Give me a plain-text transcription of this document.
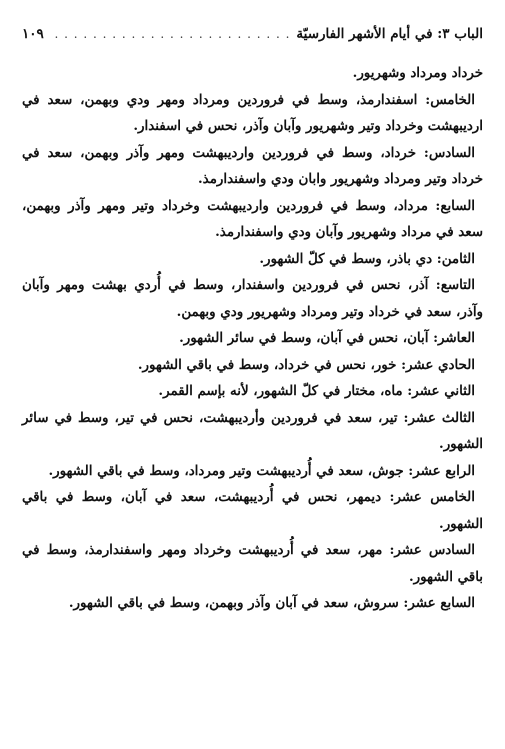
الباب ٣: في أيام الأشهر الفارسيّة
. . .
١٠٩

خرداد ومرداد وشهريور.

الخامس: اسفندارمذ، وسط في فروردين ومرداد ومهر ودي وبهمن، سعد في ارديبهشت وخرداد وتير وشهريور وآبان وآذر، نحس في اسفندار.

السادس: خرداد، وسط في فروردين وارديبهشت ومهر وآذر وبهمن، سعد في خرداد وتير ومرداد وشهريور وابان ودي واسفندارمذ.

السابع: مرداد، وسط في فروردين وارديبهشت وخرداد وتير ومهر وآذر وبهمن، سعد في مرداد وشهريور وآبان ودي واسفندارمذ.

الثامن: دي باذر، وسط في كلّ الشهور.

التاسع: آذر، نحس في فروردين واسفندار، وسط في أُردي بهشت ومهر وآبان وآذر، سعد في خرداد وتير ومرداد وشهريور ودي وبهمن.

العاشر: آبان، نحس في آبان، وسط في سائر الشهور.

الحادي عشر: خور، نحس في خرداد، وسط في باقي الشهور.

الثاني عشر: ماه، مختار في كلّ الشهور، لأنه بإسم القمر.

الثالث عشر: تير، سعد في فروردين وأرديبهشت، نحس في تير، وسط في سائر الشهور.

الرابع عشر: جوش، سعد في أُرديبهشت وتير ومرداد، وسط في باقي الشهور.

الخامس عشر: ديمهر، نحس في أُرديبهشت، سعد في آبان، وسط في باقي الشهور.

السادس عشر: مهر، سعد في أُرديبهشت وخرداد ومهر واسفندارمذ، وسط في باقي الشهور.

السابع عشر: سروش، سعد في آبان وآذر وبهمن، وسط في باقي الشهور.
